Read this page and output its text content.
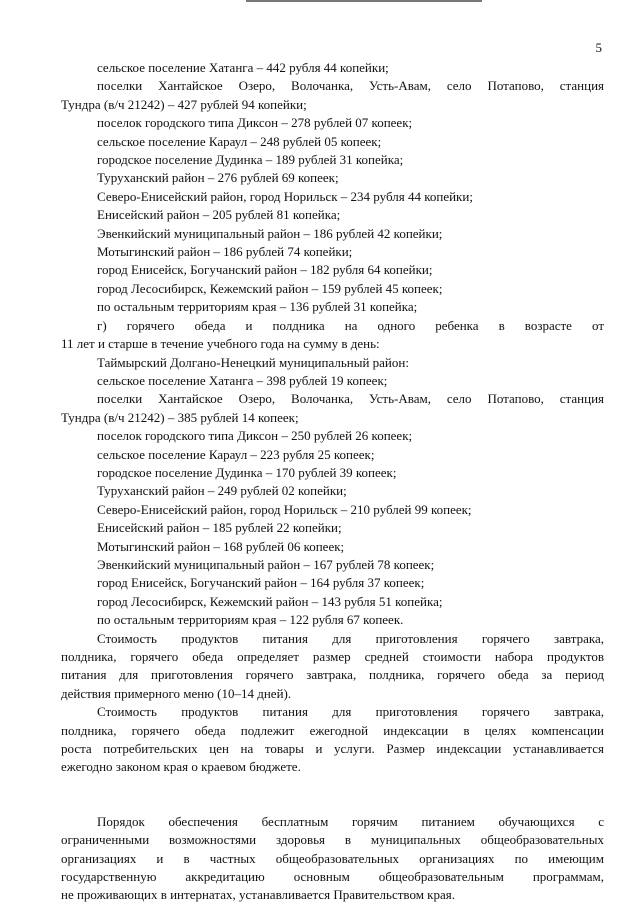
5

сельское поселение Хатанга – 442 рубля 44 копейки;

поселки Хантайское Озеро, Волочанка, Усть-Авам, село Потапово, станция

Тундра (в/ч 21242) – 427 рублей 94 копейки;

поселок городского типа Диксон – 278 рублей 07 копеек;

сельское поселение Караул – 248 рублей 05 копеек;

городское поселение Дудинка – 189 рублей 31 копейка;

Туруханский район – 276 рублей 69 копеек;

Северо-Енисейский район, город Норильск – 234 рубля 44 копейки;

Енисейский район – 205 рублей 81 копейка;

Эвенкийский муниципальный район – 186 рублей 42 копейки;

Мотыгинский район – 186 рублей 74 копейки;

город Енисейск, Богучанский район – 182 рубля 64 копейки;

город Лесосибирск, Кежемский район – 159 рублей 45 копеек;

по остальным территориям края – 136 рублей 31 копейка;

г) горячего обеда и полдника на одного ребенка в возрасте от

11 лет и старше в течение учебного года на сумму в день:

Таймырский Долгано-Ненецкий муниципальный район:

сельское поселение Хатанга – 398 рублей 19 копеек;

поселки Хантайское Озеро, Волочанка, Усть-Авам, село Потапово, станция

Тундра (в/ч 21242) – 385 рублей 14 копеек;

поселок городского типа Диксон – 250 рублей 26 копеек;

сельское поселение Караул – 223 рубля 25 копеек;

городское поселение Дудинка – 170 рублей 39 копеек;

Туруханский район – 249 рублей 02 копейки;

Северо-Енисейский район, город Норильск – 210 рублей 99 копеек;

Енисейский район – 185 рублей 22 копейки;

Мотыгинский район – 168 рублей 06 копеек;

Эвенкийский муниципальный район – 167 рублей 78 копеек;

город Енисейск, Богучанский район – 164 рубля 37 копеек;

город Лесосибирск, Кежемский район – 143 рубля 51 копейка;

по остальным территориям края – 122 рубля 67 копеек.

Стоимость продуктов питания для приготовления горячего завтрака,

полдника, горячего обеда определяет размер средней стоимости набора продуктов

питания для приготовления горячего завтрака, полдника, горячего обеда за период

действия примерного меню (10–14 дней).

Стоимость продуктов питания для приготовления горячего завтрака,

полдника, горячего обеда подлежит ежегодной индексации в целях компенсации

роста потребительских цен на товары и услуги. Размер индексации устанавливается

ежегодно законом края о краевом бюджете.

Порядок обеспечения бесплатным горячим питанием обучающихся с

ограниченными возможностями здоровья в муниципальных общеобразовательных

организациях и в частных общеобразовательных организациях по имеющим

государственную аккредитацию основным общеобразовательным программам,

не проживающих в интернатах, устанавливается Правительством края.
